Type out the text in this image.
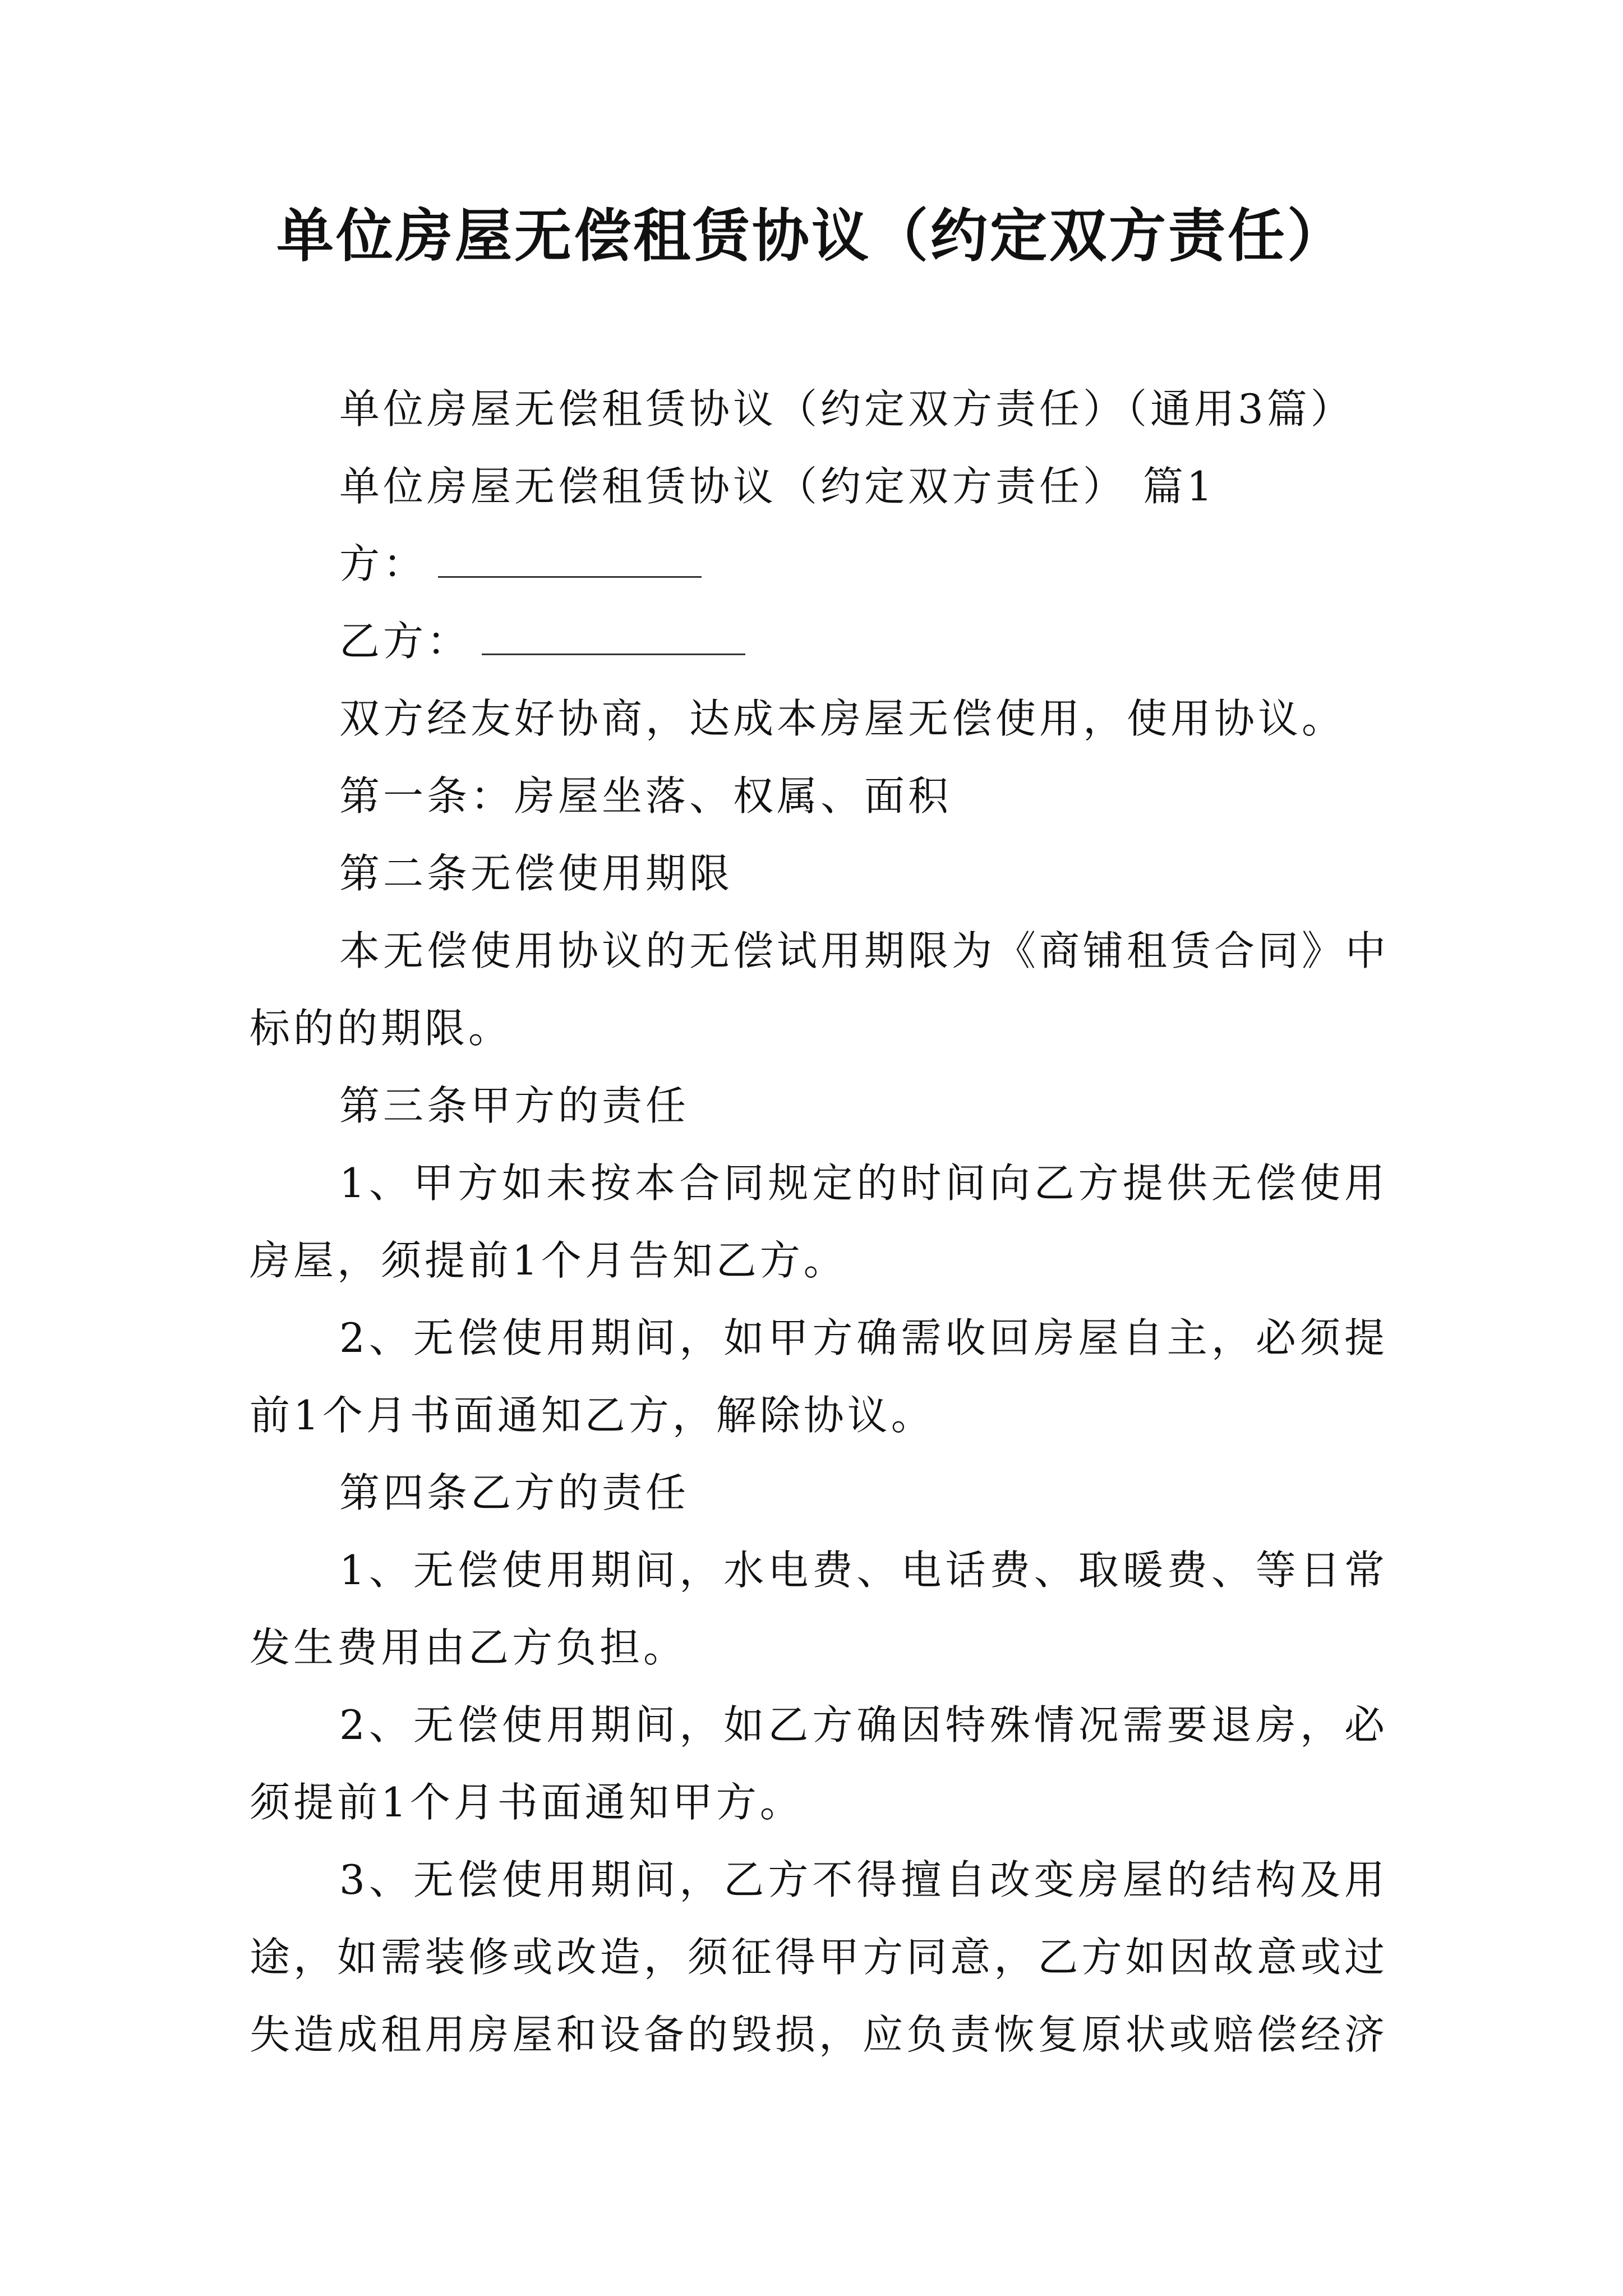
单位房屋无偿租赁协议（约定双方责任）
单位房屋无偿租赁协议（约定双方责任）（通用3篇）
单位房屋无偿租赁协议（约定双方责任） 篇1
方：
乙方：
双方经友好协商，达成本房屋无偿使用，使用协议。
第一条：房屋坐落、权属、面积
第二条无偿使用期限
本无偿使用协议的无偿试用期限为《商铺租赁合同》中
标的的期限。
第三条甲方的责任
1、甲方如未按本合同规定的时间向乙方提供无偿使用
房屋，须提前1个月告知乙方。
2、无偿使用期间，如甲方确需收回房屋自主，必须提
前1个月书面通知乙方，解除协议。
第四条乙方的责任
1、无偿使用期间，水电费、电话费、取暖费、等日常
发生费用由乙方负担。
2、无偿使用期间，如乙方确因特殊情况需要退房，必
须提前1个月书面通知甲方。
3、无偿使用期间，乙方不得擅自改变房屋的结构及用
途，如需装修或改造，须征得甲方同意，乙方如因故意或过
失造成租用房屋和设备的毁损，应负责恢复原状或赔偿经济
